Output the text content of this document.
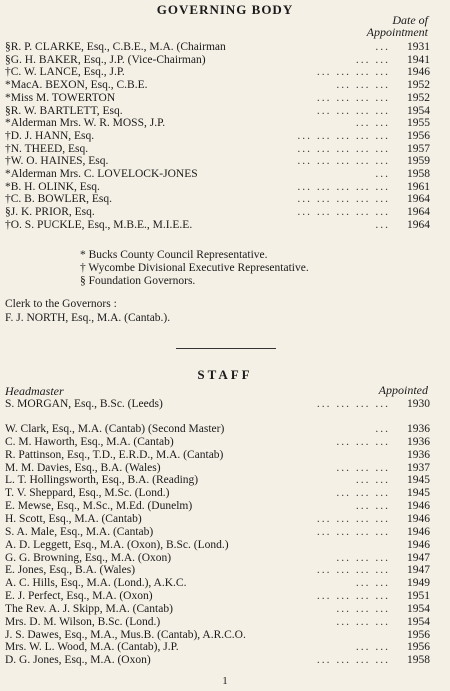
GOVERNING BODY
Date of
Appointment
§R. P. CLARKE, Esq., C.B.E., M.A. (Chairman	...	1931
§G. H. BAKER, Esq., J.P. (Vice-Chairman)	... ...	1941
†C. W. LANCE, Esq., J.P.	... ... ... ...	1946
*MacA. BEXON, Esq., C.B.E.	... ... ...	1952
*Miss M. TOWERTON	... ... ... ...	1952
§R. W. BARTLETT, Esq.	... ... ... ...	1954
*Alderman Mrs. W. R. MOSS, J.P.	... ...	1955
†D. J. HANN, Esq.	... ... ... ... ...	1956
†N. THEED, Esq.	... ... ... ... ...	1957
†W. O. HAINES, Esq.	... ... ... ... ...	1959
*Alderman Mrs. C. LOVELOCK-JONES	...	1958
*B. H. OLINK, Esq.	... ... ... ... ...	1961
†C. B. BOWLER, Esq.	... ... ... ... ...	1964
§J. K. PRIOR, Esq.	... ... ... ... ...	1964
†O. S. PUCKLE, Esq., M.B.E., M.I.E.E.	...	1964
* Bucks County Council Representative.
† Wycombe Divisional Executive Representative.
§ Foundation Governors.
Clerk to the Governors :
F. J. NORTH, Esq., M.A. (Cantab.).
STAFF
Headmaster	Appointed
S. MORGAN, Esq., B.Sc. (Leeds)	... ... ... ...	1930
W. Clark, Esq., M.A. (Cantab) (Second Master)	...	1936
C. M. Haworth, Esq., M.A. (Cantab)	... ... ...	1936
R. Pattinson, Esq., T.D., E.R.D., M.A. (Cantab)	1936
M. M. Davies, Esq., B.A. (Wales)	... ... ...	1937
L. T. Hollingsworth, Esq., B.A. (Reading)	... ...	1945
T. V. Sheppard, Esq., M.Sc. (Lond.)	... ... ...	1945
E. Mewse, Esq., M.Sc., M.Ed. (Dunelm)	... ...	1946
H. Scott, Esq., M.A. (Cantab)	... ... ... ...	1946
S. A. Male, Esq., M.A. (Cantab)	... ... ... ...	1946
A. D. Leggett, Esq., M.A. (Oxon), B.Sc. (Lond.)	1946
G. G. Browning, Esq., M.A. (Oxon)	... ... ...	1947
E. Jones, Esq., B.A. (Wales)	... ... ... ...	1947
A. C. Hills, Esq., M.A. (Lond.), A.K.C.	... ...	1949
E. J. Perfect, Esq., M.A. (Oxon)	... ... ... ...	1951
The Rev. A. J. Skipp, M.A. (Cantab)	... ... ...	1954
Mrs. D. M. Wilson, B.Sc. (Lond.)	... ... ...	1954
J. S. Dawes, Esq., M.A., Mus.B. (Cantab), A.R.C.O.	1956
Mrs. W. L. Wood, M.A. (Cantab), J.P.	... ...	1956
D. G. Jones, Esq., M.A. (Oxon)	... ... ... ...	1958
1
